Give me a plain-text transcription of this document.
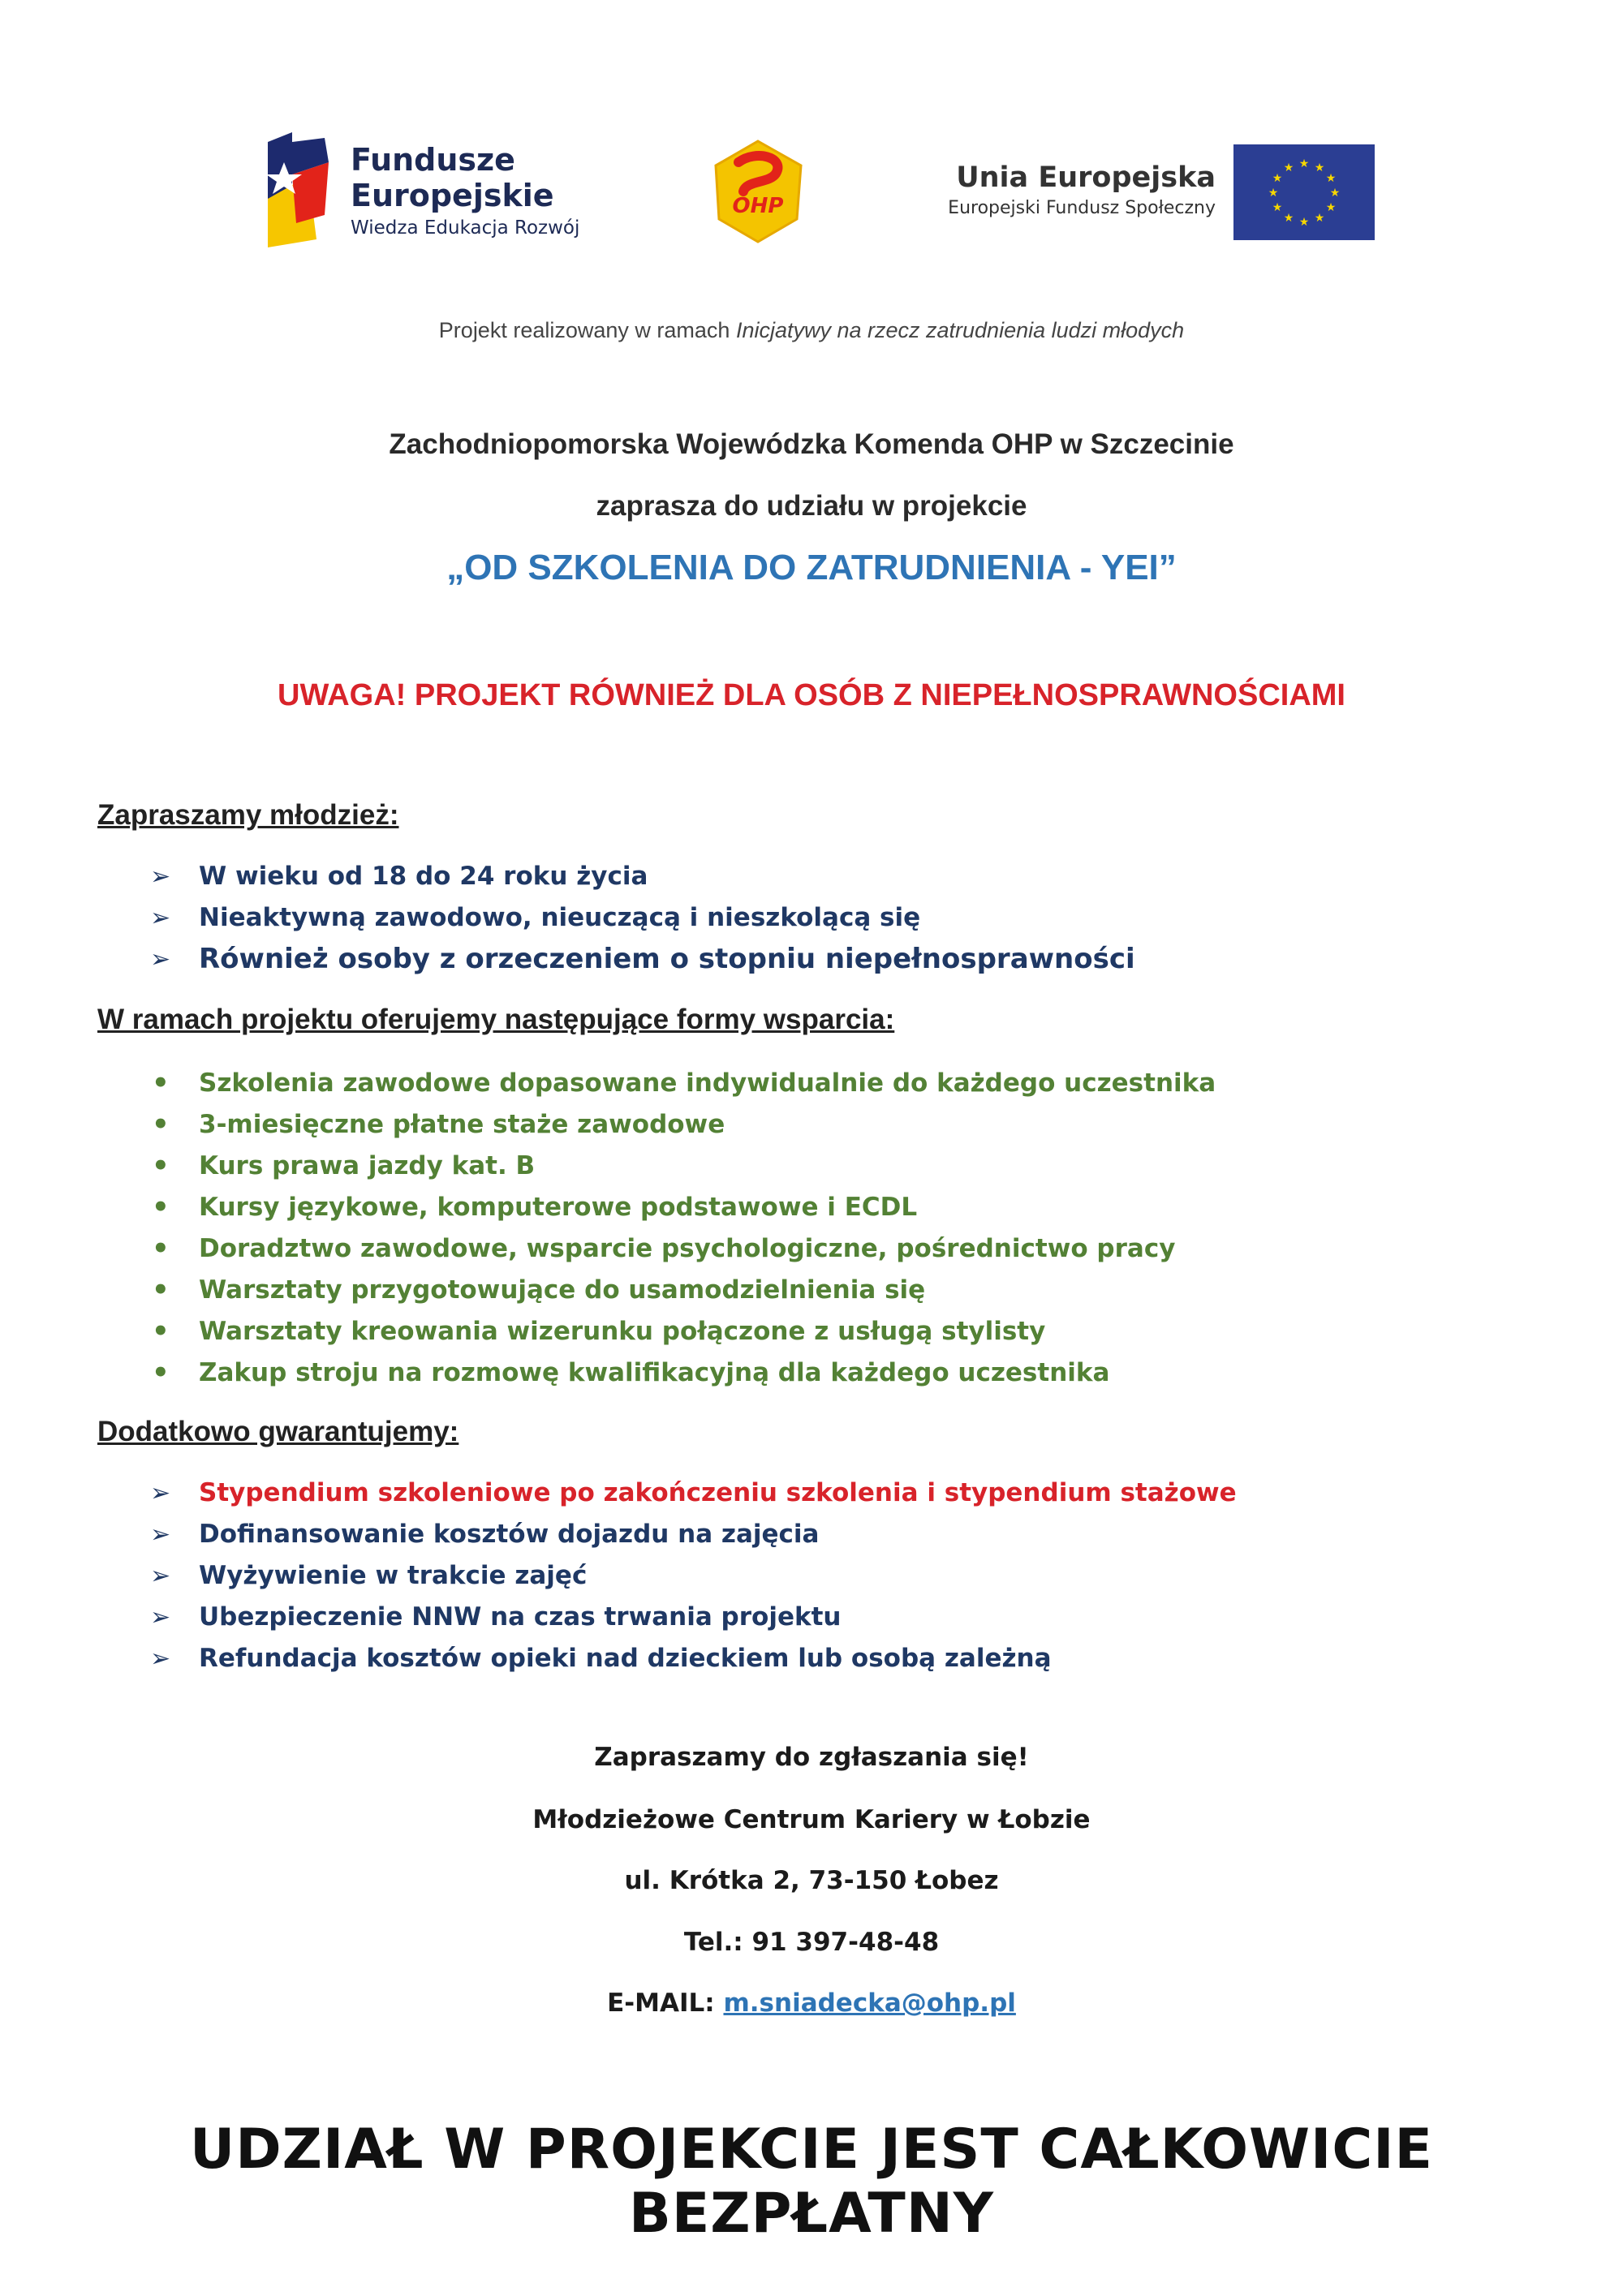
Fundusze
Europejskie
Wiedza Edukacja Rozwój
OHP
Unia Europejska
Europejski Fundusz Społeczny
★ ★
★
★
★
★
★
★
★
★
★
★
Projekt realizowany w ramach Inicjatywy na rzecz zatrudnienia ludzi młodych
Zachodniopomorska Wojewódzka Komenda OHP w Szczecinie
zaprasza do udziału w projekcie
„OD SZKOLENIA DO ZATRUDNIENIA - YEI”
UWAGA! PROJEKT RÓWNIEŻ DLA OSÓB Z NIEPEŁNOSPRAWNOŚCIAMI
Zapraszamy młodzież:
➢ W wieku od 18 do 24 roku życia
➢ Nieaktywną zawodowo, nieuczącą i nieszkolącą się
➢ Również osoby z orzeczeniem o stopniu niepełnosprawności
W ramach projektu oferujemy następujące formy wsparcia:
• Szkolenia zawodowe dopasowane indywidualnie do każdego uczestnika
• 3-miesięczne płatne staże zawodowe
• Kurs prawa jazdy kat. B
• Kursy językowe, komputerowe podstawowe i ECDL
• Doradztwo zawodowe, wsparcie psychologiczne, pośrednictwo pracy
• Warsztaty przygotowujące do usamodzielnienia się
• Warsztaty kreowania wizerunku połączone z usługą stylisty
• Zakup stroju na rozmowę kwalifikacyjną dla każdego uczestnika
Dodatkowo gwarantujemy:
➢ Stypendium szkoleniowe po zakończeniu szkolenia i stypendium stażowe
➢ Dofinansowanie kosztów dojazdu na zajęcia
➢ Wyżywienie w trakcie zajęć
➢ Ubezpieczenie NNW na czas trwania projektu
➢ Refundacja kosztów opieki nad dzieckiem lub osobą zależną
Zapraszamy do zgłaszania się!
Młodzieżowe Centrum Kariery w Łobzie
ul. Krótka 2, 73-150 Łobez
Tel.: 91 397-48-48
E-MAIL: m.sniadecka@ohp.pl
UDZIAŁ W PROJEKCIE JEST CAŁKOWICIE BEZPŁATNY
